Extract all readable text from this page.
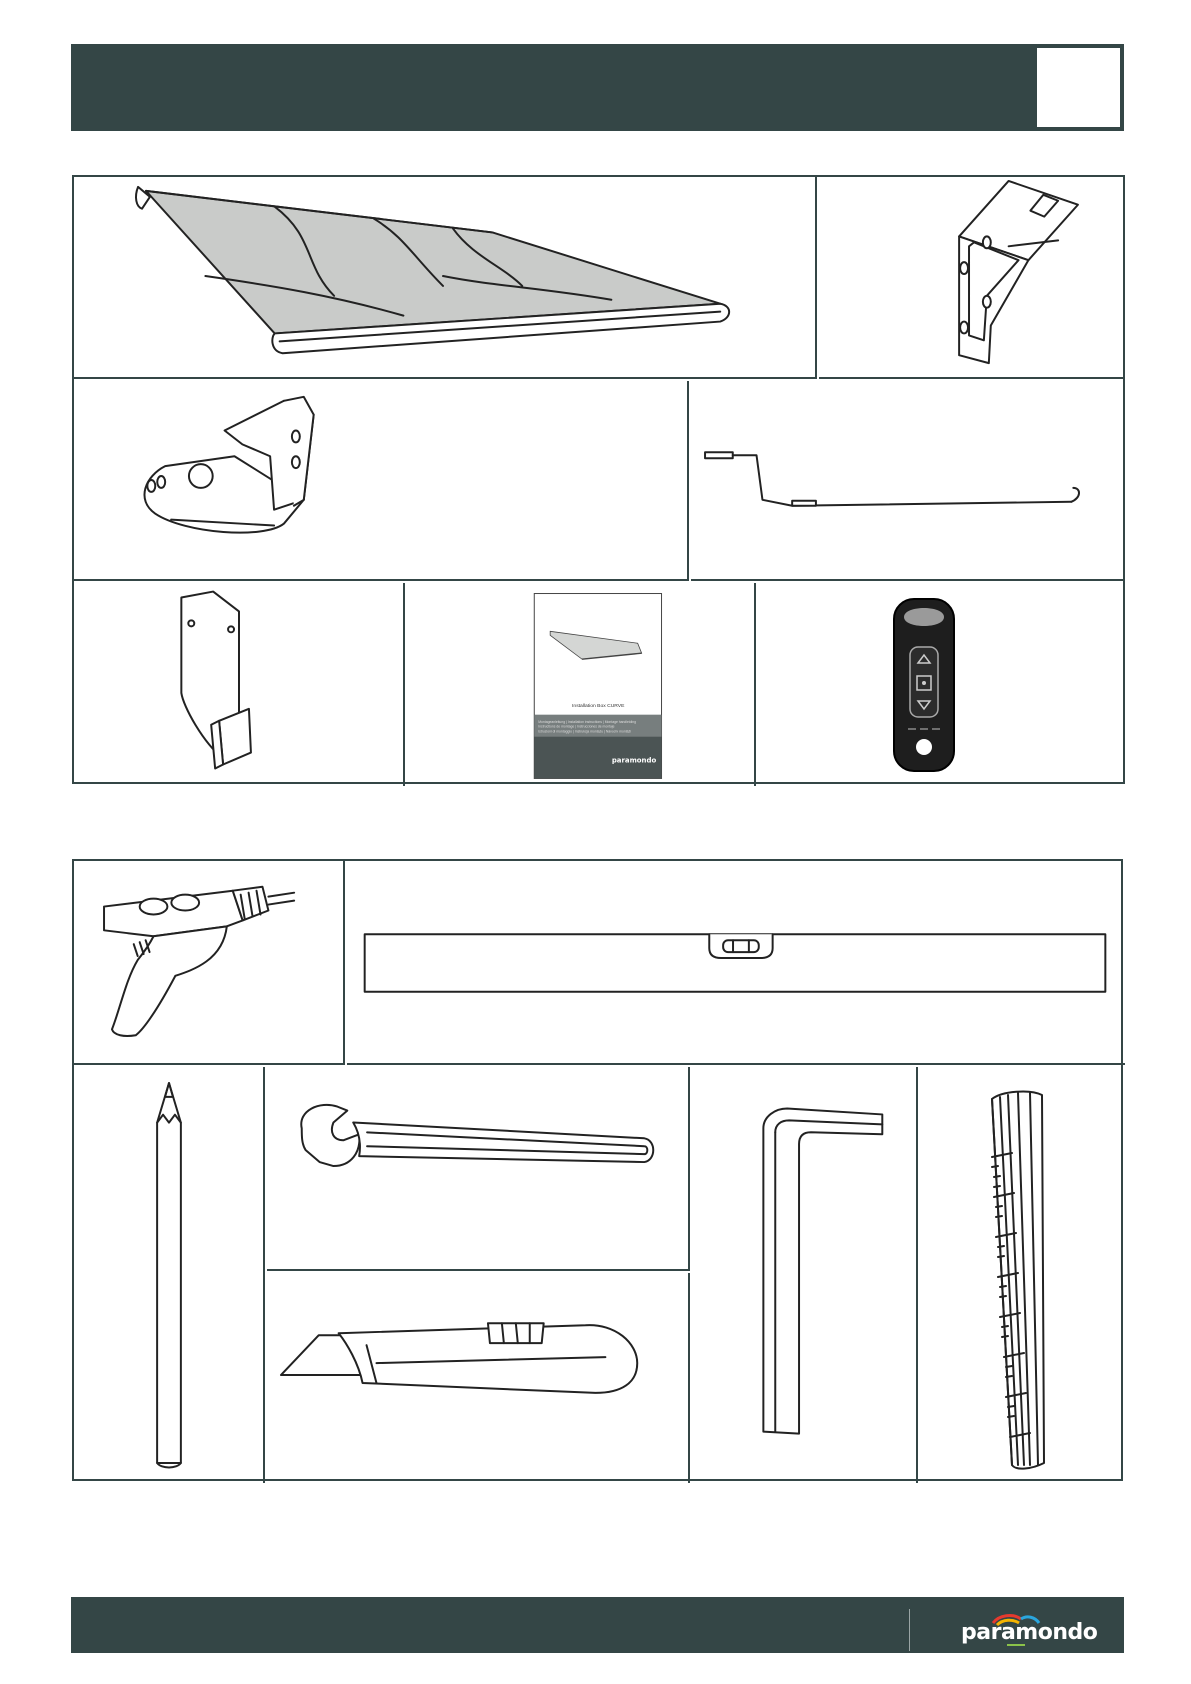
Installation Box CURVE
Montageanleitung | Installation instructions | Montage handleiding
Instructions de montage | Instrucciones de montaje
Istruzioni di montaggio | Instrukcja montażu | Návod k montáži
paramondo
paramondo
